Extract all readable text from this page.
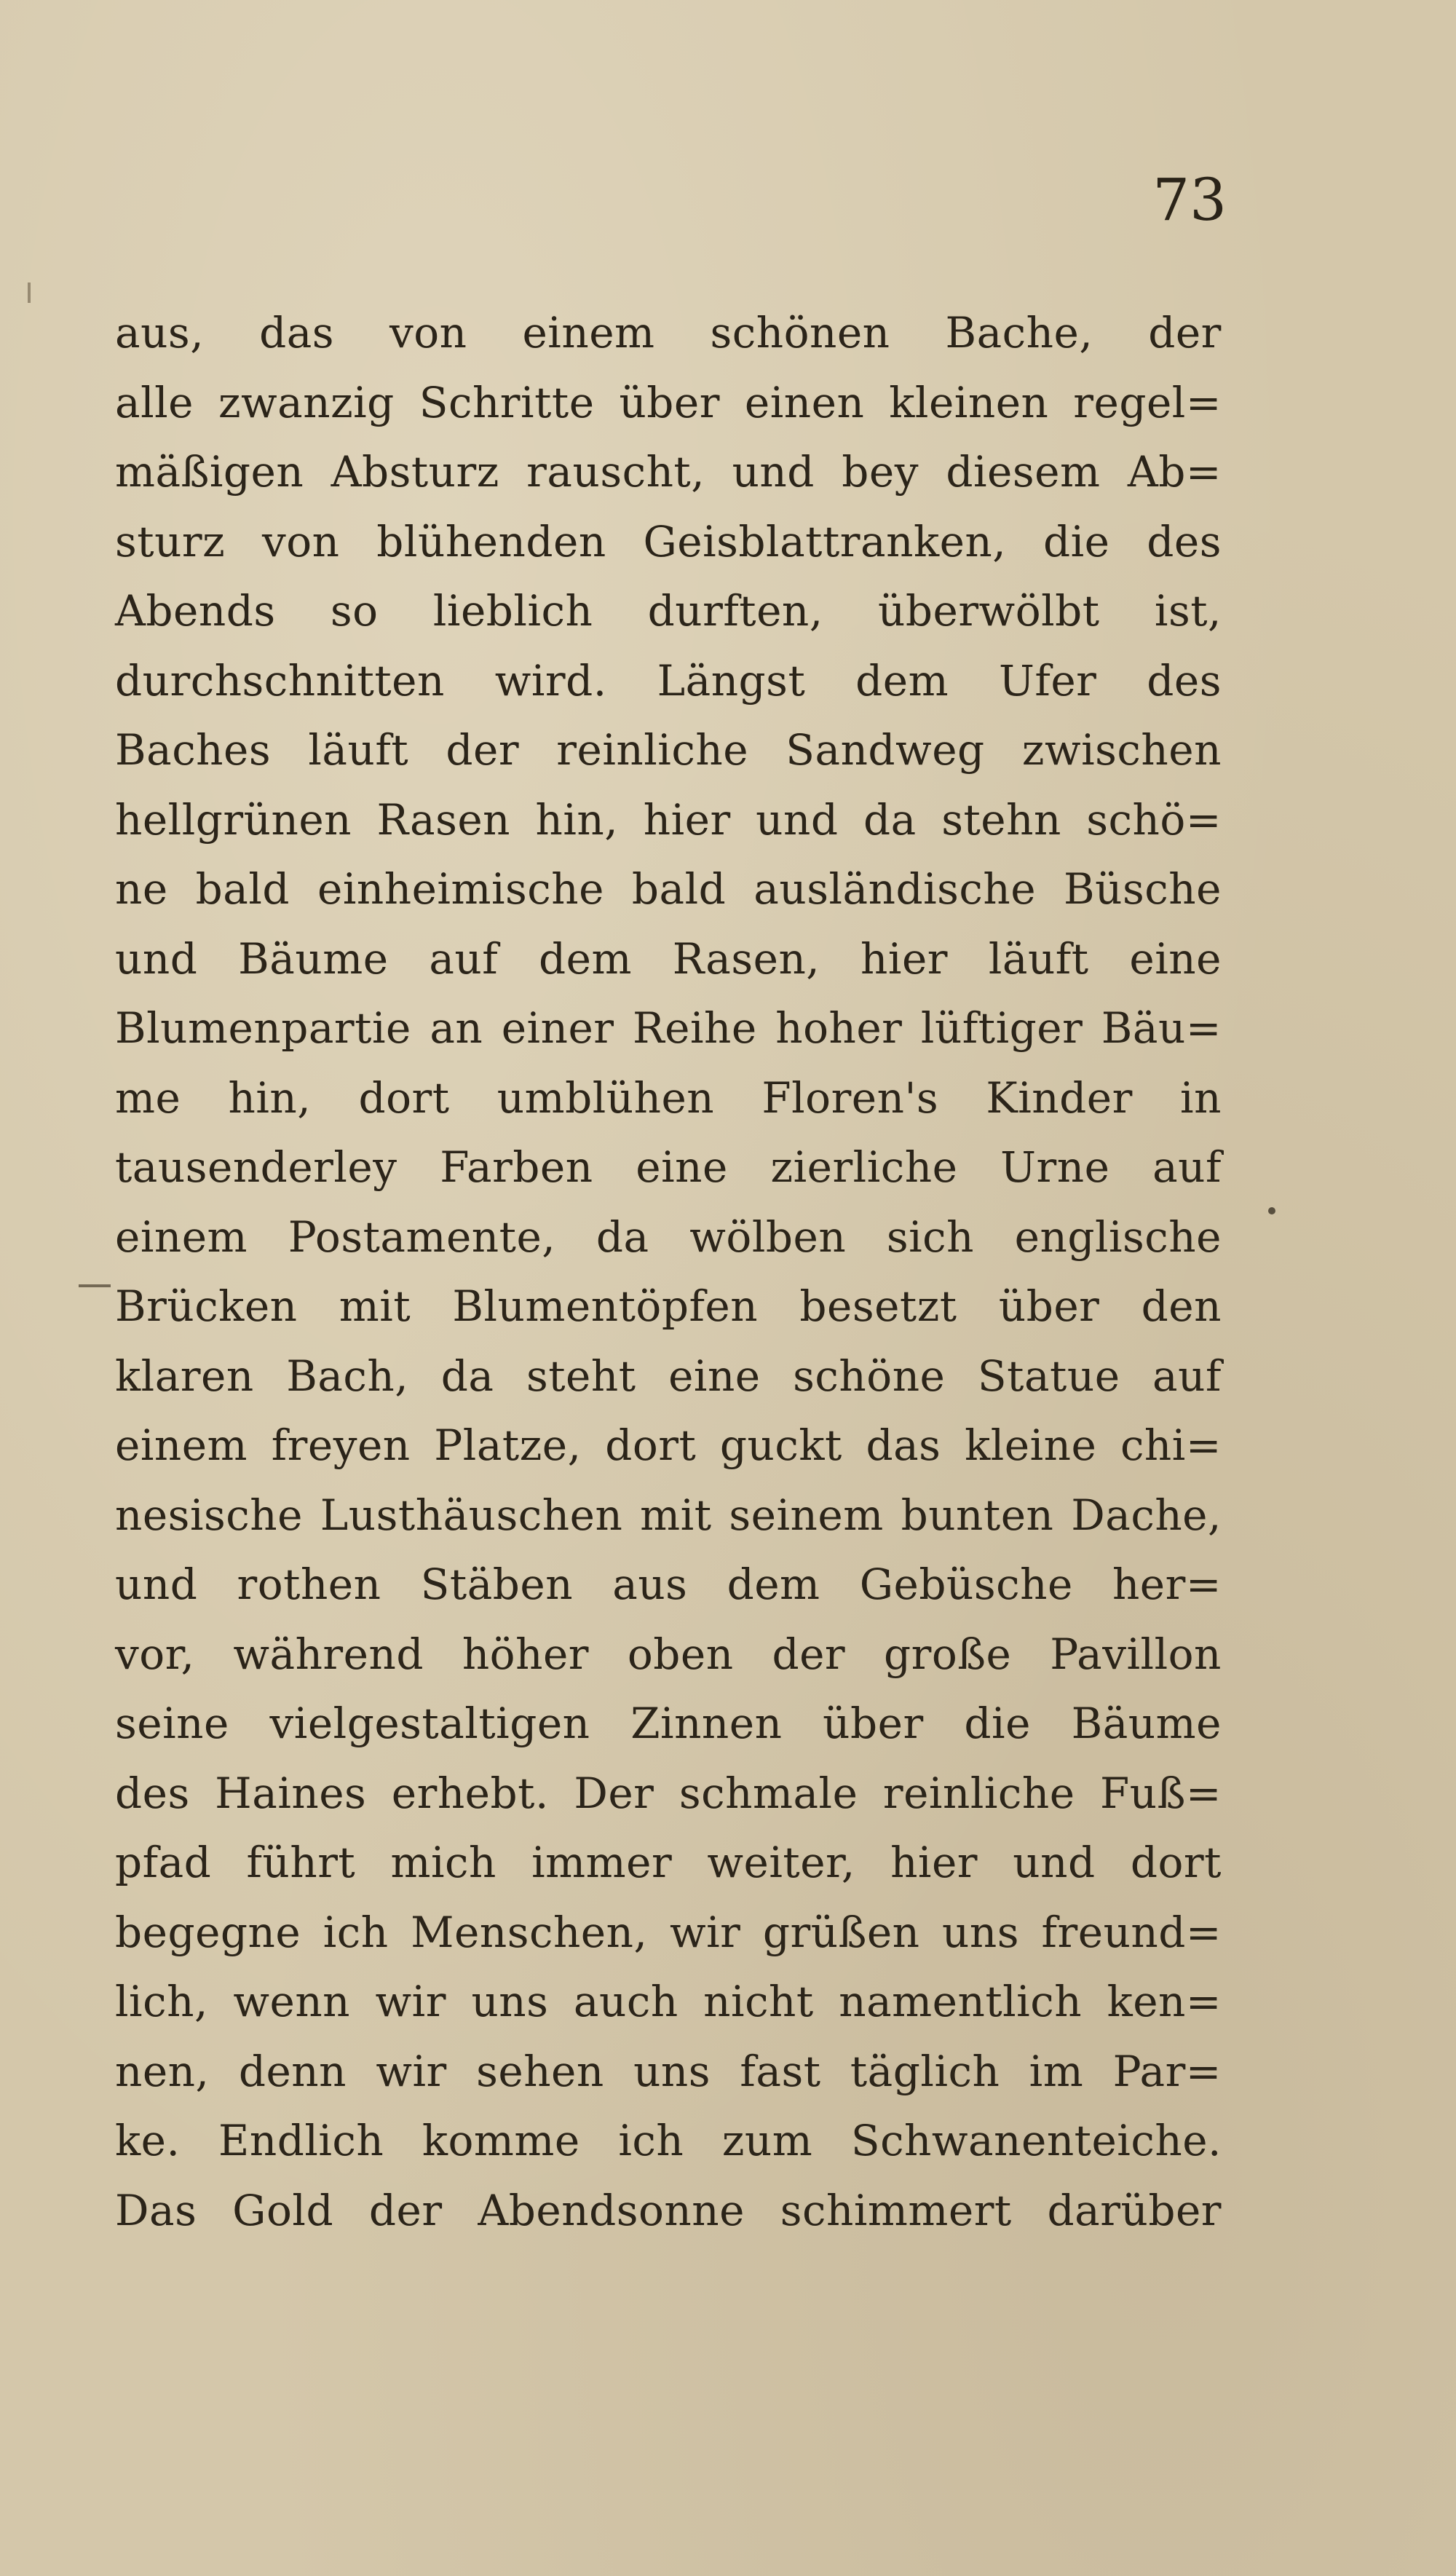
73
aus, das von einem schönen Bache, der
alle zwanzig Schritte über einen kleinen regel=
mäßigen Absturz rauscht, und bey diesem Ab=
sturz von blühenden Geisblattranken, die des
Abends so lieblich durften, überwölbt ist,
durchschnitten wird. Längst dem Ufer des
Baches läuft der reinliche Sandweg zwischen
hellgrünen Rasen hin, hier und da stehn schö=
ne bald einheimische bald ausländische Büsche
und Bäume auf dem Rasen, hier läuft eine
Blumenpartie an einer Reihe hoher lüftiger Bäu=
me hin, dort umblühen Floren's Kinder in
tausenderley Farben eine zierliche Urne auf
einem Postamente, da wölben sich englische
Brücken mit Blumentöpfen besetzt über den
klaren Bach, da steht eine schöne Statue auf
einem freyen Platze, dort guckt das kleine chi=
nesische Lusthäuschen mit seinem bunten Dache,
und rothen Stäben aus dem Gebüsche her=
vor, während höher oben der große Pavillon
seine vielgestaltigen Zinnen über die Bäume
des Haines erhebt. Der schmale reinliche Fuß=
pfad führt mich immer weiter, hier und dort
begegne ich Menschen, wir grüßen uns freund=
lich, wenn wir uns auch nicht namentlich ken=
nen, denn wir sehen uns fast täglich im Par=
ke. Endlich komme ich zum Schwanenteiche.
Das Gold der Abendsonne schimmert darüber
